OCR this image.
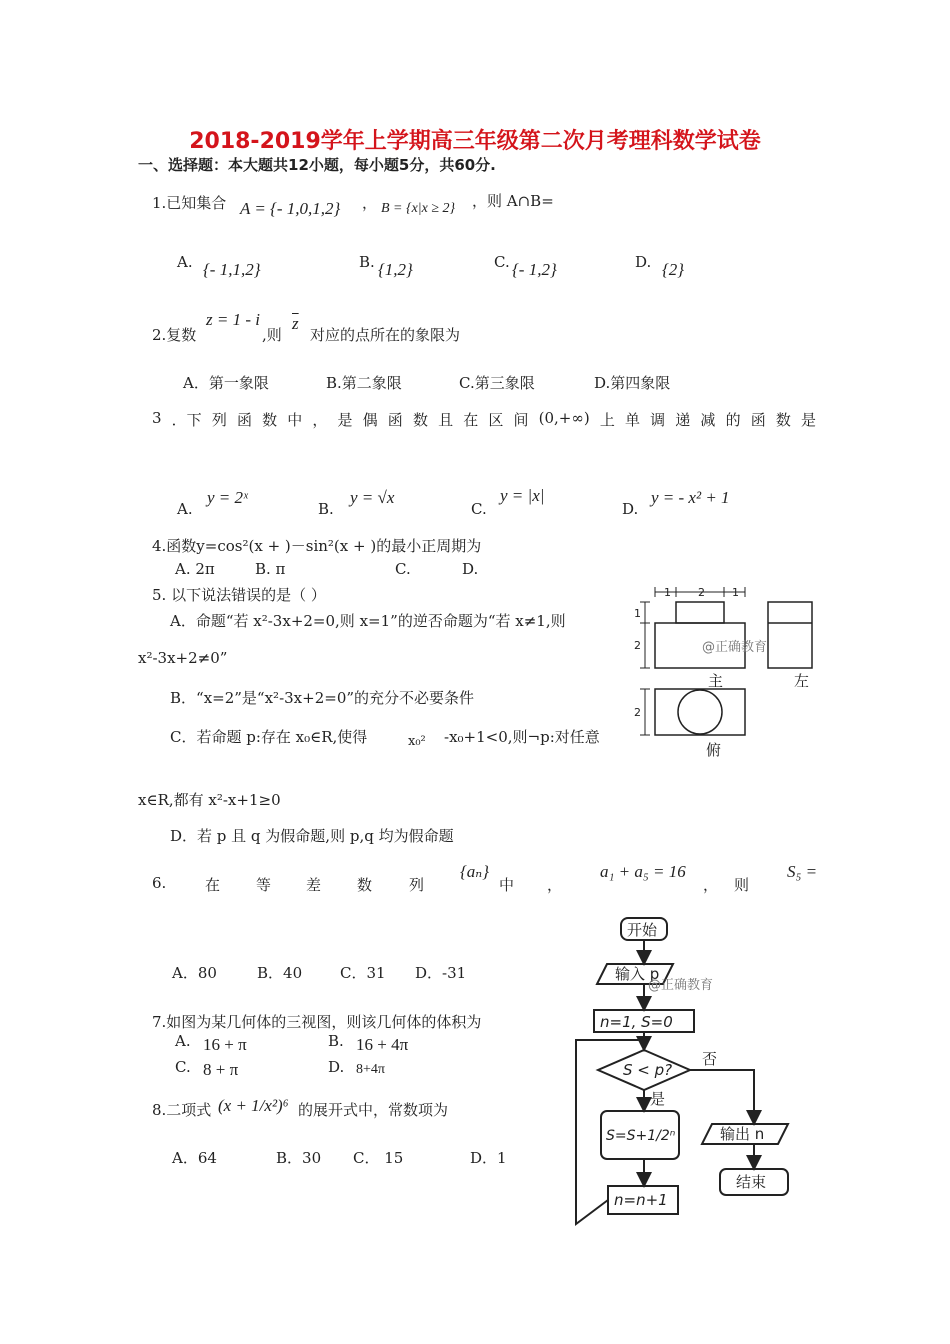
2018-2019学年上学期高三年级第二次月考理科数学试卷
一、选择题：本大题共12小题，每小题5分，共60分.
1.已知集合 A = {- 1,0,1,2} ， B = {x|x ≥ 2} ，则 A∩B=
A. {- 1,1,2}	B. {1,2}	C. {- 1,2}	D. {2}
2.复数
z = 1 - i
,则
$\overline{z}$
对应的点所在的象限为
A．第一象限	B.第二象限	C.第三象限	D.第四象限
3 ．下 列 函 数 中 ， 是 偶 函 数 且 在 区 间 (0,+∞) 上 单 调 递 减 的 函 数 是
A.
y = 2ˣ
B.
y = √x
C.
y = |x|
D.
y = - x² + 1
4.函数y=cos²(x + )－sin²(x + )的最小正周期为
A. 2π	B. π	C.	D.
5. 以下说法错误的是（ ）
A．命题“若 x²-3x+2=0,则 x=1”的逆否命题为“若 x≠1,则
x²-3x+2≠0”
B．“x=2”是“x²-3x+2=0”的充分不必要条件
C．若命题 p:存在 x₀∈R,使得	x₀² -x₀+1<0,则¬p:对任意
x∈R,都有 x²-x+1≥0
D．若 p 且 q 为假命题,则 p,q 均为假命题
6.	在 等 差 数 列
{aₙ}
中 ，
a₁ + a₅ = 16
， 则
S₅ =
A．80	B．40	C．31 D．-31
7.如图为某几何体的三视图，则该几何体的体积为
A. 16 + π	B. 16 + 4π
C. 8 + π	D. 8+4π
8.二项式 (x + 1/x²)⁶ 的展开式中，常数项为
A．64	B．30 C． 15	D．1
1 2 1
1
2
2
@正确教育
主	左
俯
开始
输入 p
n=1, S=0
S < p?
否
是
S=S+1/2ⁿ
n=n+1
输出 n
结束
@正确教育
